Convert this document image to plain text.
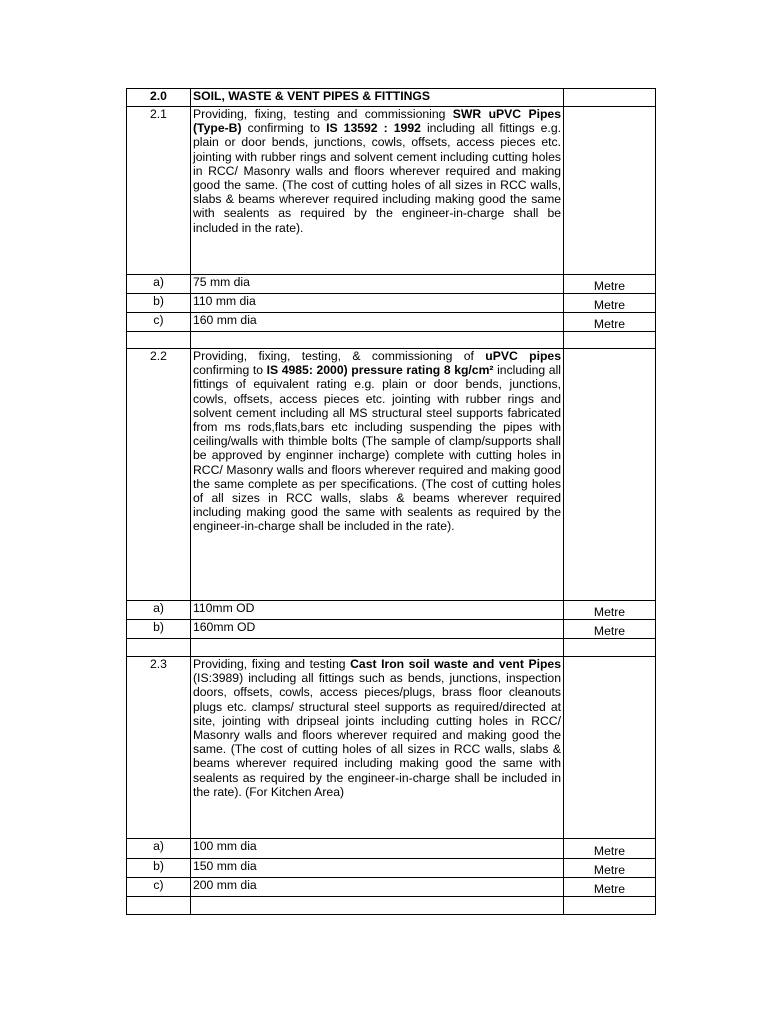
2.0	SOIL, WASTE & VENT PIPES & FITTINGS	
2.1	Providing, fixing, testing and commissioning SWR uPVC Pipes (Type-B) confirming to IS 13592 : 1992 including all fittings e.g. plain or door bends, junctions, cowls, offsets, access pieces etc. jointing with rubber rings and solvent cement including cutting holes in RCC/ Masonry walls and floors wherever required and making good the same. (The cost of cutting holes of all sizes in RCC walls, slabs & beams wherever required including making good the same with sealents as required by the engineer-in-charge shall be included in the rate).	
a)	75 mm dia	Metre
b)	110 mm dia	Metre
c)	160 mm dia	Metre

2.2	Providing, fixing, testing, & commissioning of uPVC pipes confirming to IS 4985: 2000) pressure rating 8 kg/cm² including all fittings of equivalent rating e.g. plain or door bends, junctions, cowls, offsets, access pieces etc. jointing with rubber rings and solvent cement including all MS structural steel supports fabricated from ms rods,flats,bars etc including suspending the pipes with ceiling/walls with thimble bolts (The sample of clamp/supports shall be approved by enginner incharge) complete with cutting holes in RCC/ Masonry walls and floors wherever required and making good the same complete as per specifications. (The cost of cutting holes of all sizes in RCC walls, slabs & beams wherever required including making good the same with sealents as required by the engineer-in-charge shall be included in the rate).	
a)	110mm OD	Metre
b)	160mm OD	Metre

2.3	Providing, fixing and testing Cast Iron soil waste and vent Pipes (IS:3989) including all fittings such as bends, junctions, inspection doors, offsets, cowls, access pieces/plugs, brass floor cleanouts plugs etc. clamps/ structural steel supports as required/directed at site, jointing with dripseal joints including cutting holes in RCC/ Masonry walls and floors wherever required and making good the same. (The cost of cutting holes of all sizes in RCC walls, slabs & beams wherever required including making good the same with sealents as required by the engineer-in-charge shall be included in the rate). (For Kitchen Area)	
a)	100 mm dia	Metre
b)	150 mm dia	Metre
c)	200 mm dia	Metre
